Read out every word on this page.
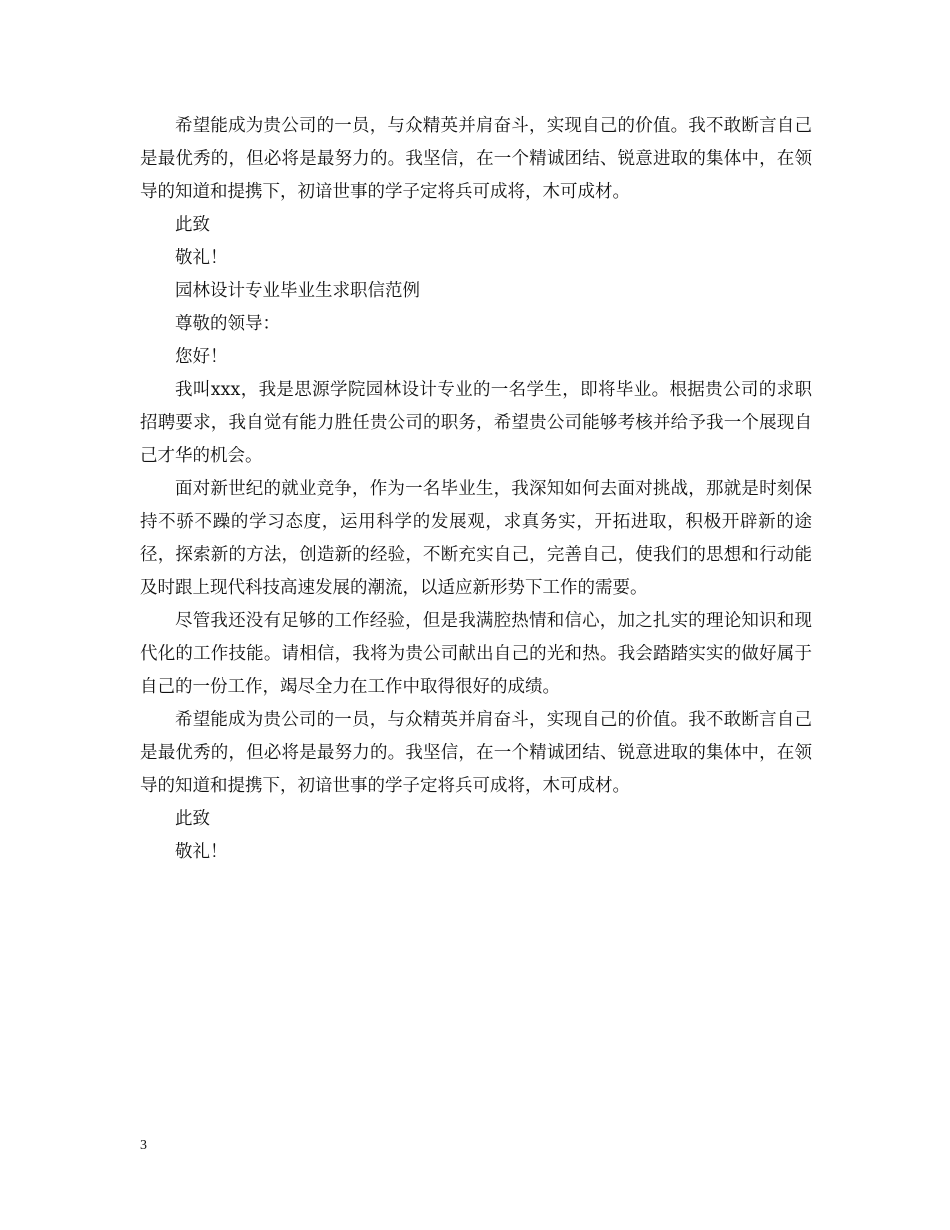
希望能成为贵公司的一员，与众精英并肩奋斗，实现自己的价值。我不敢断言自己是最优秀的，但必将是最努力的。我坚信，在一个精诚团结、锐意进取的集体中，在领导的知道和提携下，初谙世事的学子定将兵可成将，木可成材。

此致

敬礼！

园林设计专业毕业生求职信范例

尊敬的领导：

您好！

我叫xxx，我是思源学院园林设计专业的一名学生，即将毕业。根据贵公司的求职招聘要求，我自觉有能力胜任贵公司的职务，希望贵公司能够考核并给予我一个展现自己才华的机会。

面对新世纪的就业竞争，作为一名毕业生，我深知如何去面对挑战，那就是时刻保持不骄不躁的学习态度，运用科学的发展观，求真务实，开拓进取，积极开辟新的途径，探索新的方法，创造新的经验，不断充实自己，完善自己，使我们的思想和行动能及时跟上现代科技高速发展的潮流，以适应新形势下工作的需要。

尽管我还没有足够的工作经验，但是我满腔热情和信心，加之扎实的理论知识和现代化的工作技能。请相信，我将为贵公司献出自己的光和热。我会踏踏实实的做好属于自己的一份工作，竭尽全力在工作中取得很好的成绩。

希望能成为贵公司的一员，与众精英并肩奋斗，实现自己的价值。我不敢断言自己是最优秀的，但必将是最努力的。我坚信，在一个精诚团结、锐意进取的集体中，在领导的知道和提携下，初谙世事的学子定将兵可成将，木可成材。

此致

敬礼！

3
